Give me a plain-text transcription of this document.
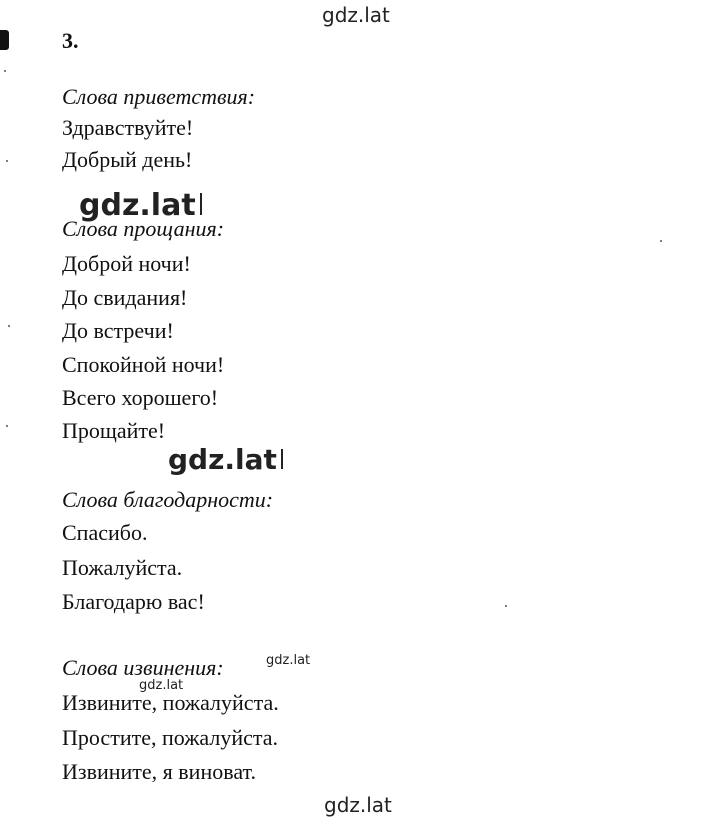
gdz.lat
3.
Слова приветствия:
Здравствуйте!
Добрый день!
Слова прощания:
Доброй ночи!
До свидания!
До встречи!
Спокойной ночи!
Всего хорошего!
Прощайте!
Слова благодарности:
Спасибо.
Пожалуйста.
Благодарю вас!
Слова извинения:
Извините, пожалуйста.
Простите, пожалуйста.
Извините, я виноват.
gdz.lat
gdz.lat
gdz.lat
gdz.lat
gdz.lat
